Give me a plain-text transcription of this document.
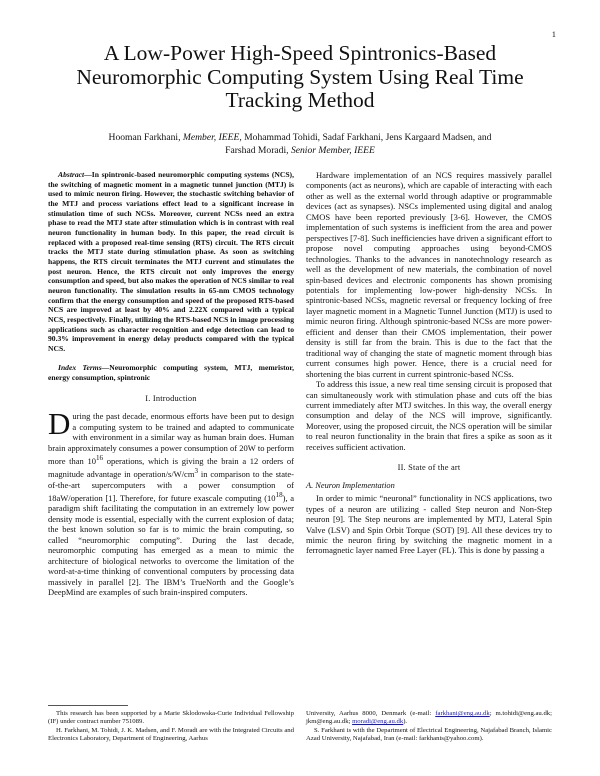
1
A Low-Power High-Speed Spintronics-Based Neuromorphic Computing System Using Real Time Tracking Method
Hooman Farkhani, Member, IEEE, Mohammad Tohidi, Sadaf Farkhani, Jens Kargaard Madsen, and
Farshad Moradi, Senior Member, IEEE

Abstract—In spintronic-based neuromorphic computing systems (NCS), the switching of magnetic moment in a magnetic tunnel junction (MTJ) is used to mimic neuron firing. However, the stochastic switching behavior of the MTJ and process variations effect lead to a significant increase in stimulation time of such NCSs. Moreover, current NCSs need an extra phase to read the MTJ state after stimulation which is in contrast with real neuron functionality in human body. In this paper, the read circuit is replaced with a proposed real-time sensing (RTS) circuit. The RTS circuit tracks the MTJ state during stimulation phase. As soon as switching happens, the RTS circuit terminates the MTJ current and stimulates the post neuron. Hence, the RTS circuit not only improves the energy consumption and speed, but also makes the operation of NCS similar to real neuron functionality. The simulation results in 65-nm CMOS technology confirm that the energy consumption and speed of the proposed RTS-based NCS are improved at least by 40% and 2.22X compared with a typical NCS, respectively. Finally, utilizing the RTS-based NCS in image processing applications such as character recognition and edge detection can lead to 90.3% improvement in energy delay products compared with the typical NCS.

Index Terms—Neuromorphic computing system, MTJ, memristor, energy consumption, spintronic

I. Introduction

During the past decade, enormous efforts have been put to design a computing system to be trained and adapted to communicate with environment in a similar way as human brain does. Human brain approximately consumes a power consumption of 20W to perform more than $10^{16}$ operations, which is giving the brain a 12 orders of magnitude advantage in operation/$s/W/cm^3$ in comparison to the state-of-the-art supercomputers with a power consumption of 18aW/operation [1]. Therefore, for future exascale computing $(10^{18})$, a paradigm shift facilitating the computation in an extremely low power density mode is essential, especially with the current explosion of data; the best known solution so far is to mimic the brain computing, so called “neuromorphic computing”. During the last decade, neuromorphic computing has emerged as a mean to mimic the architecture of biological networks to overcome the limitation of the word-at-a-time thinking of conventional computers by processing data massively in parallel [2]. The IBM’s TrueNorth and the Google’s DeepMind are examples of such brain-inspired computers.

Hardware implementation of an NCS requires massively parallel components (act as neurons), which are capable of interacting with each other as well as the external world through adaptive or programmable devices (act as synapses). NSCs implemented using digital and analog CMOS have been reported previously [3-6]. However, the CMOS implementation of such systems is inefficient from the area and power perspectives [7-8]. Such inefficiencies have driven a significant effort to propose novel computing approaches using beyond-CMOS technologies. Thanks to the advances in nanotechnology research as well as the development of new materials, the combination of novel spin-based devices and electronic components has shown promising potentials for implementing low-power high-density NCSs. In spintronic-based NCSs, magnetic reversal or frequency locking of free layer magnetic moment in a Magnetic Tunnel Junction (MTJ) is used to mimic neuron firing. Although spintronic-based NCSs are more power-efficient and denser than their CMOS implementation, their power density is still far from the brain. This is due to the fact that the traditional way of changing the state of magnetic moment through bias current consumes high power. Hence, there is a crucial need for shortening the bias current in current spintronic-based NCSs.

To address this issue, a new real time sensing circuit is proposed that can simultaneously work with stimulation phase and cuts off the bias current immediately after MTJ switches. In this way, the overall energy consumption and delay of the NCS will improve, significantly. Moreover, using the proposed circuit, the NCS operation will be similar to real neuron functionality in the brain that fires a spike as soon as it receives sufficient activation.

II. State of the art
A. Neuron Implementation

In order to mimic “neuronal” functionality in NCS applications, two types of a neuron are utilizing - called Step neuron and Non-Step neuron [9]. The Step neurons are implemented by MTJ, Lateral Spin Valve (LSV) and Spin Orbit Torque (SOT) [9]. All these devices try to mimic the neuron firing by switching the magnetic moment in a ferromagnetic layer named Free Layer (FL). This is done by passing a

This research has been supported by a Marie Sklodowska-Curie Individual Fellowship (IF) under contract number 751089.

H. Farkhani, M. Tohidi, J. K. Madsen, and F. Moradi are with the Integrated Circuits and Electronics Laboratory, Department of Engineering, Aarhus

University, Aarhus 8000, Denmark (e-mail: farkhani@eng.au.dk; m.tohidi@eng.au.dk; jkm@eng.au.dk; moradi@eng.au.dk).

S. Farkhani is with the Department of Electrical Engineering, Najafabad Branch, Islamic Azad University, Najafabad, Iran (e-mail: farkhanis@yahoo.com).
